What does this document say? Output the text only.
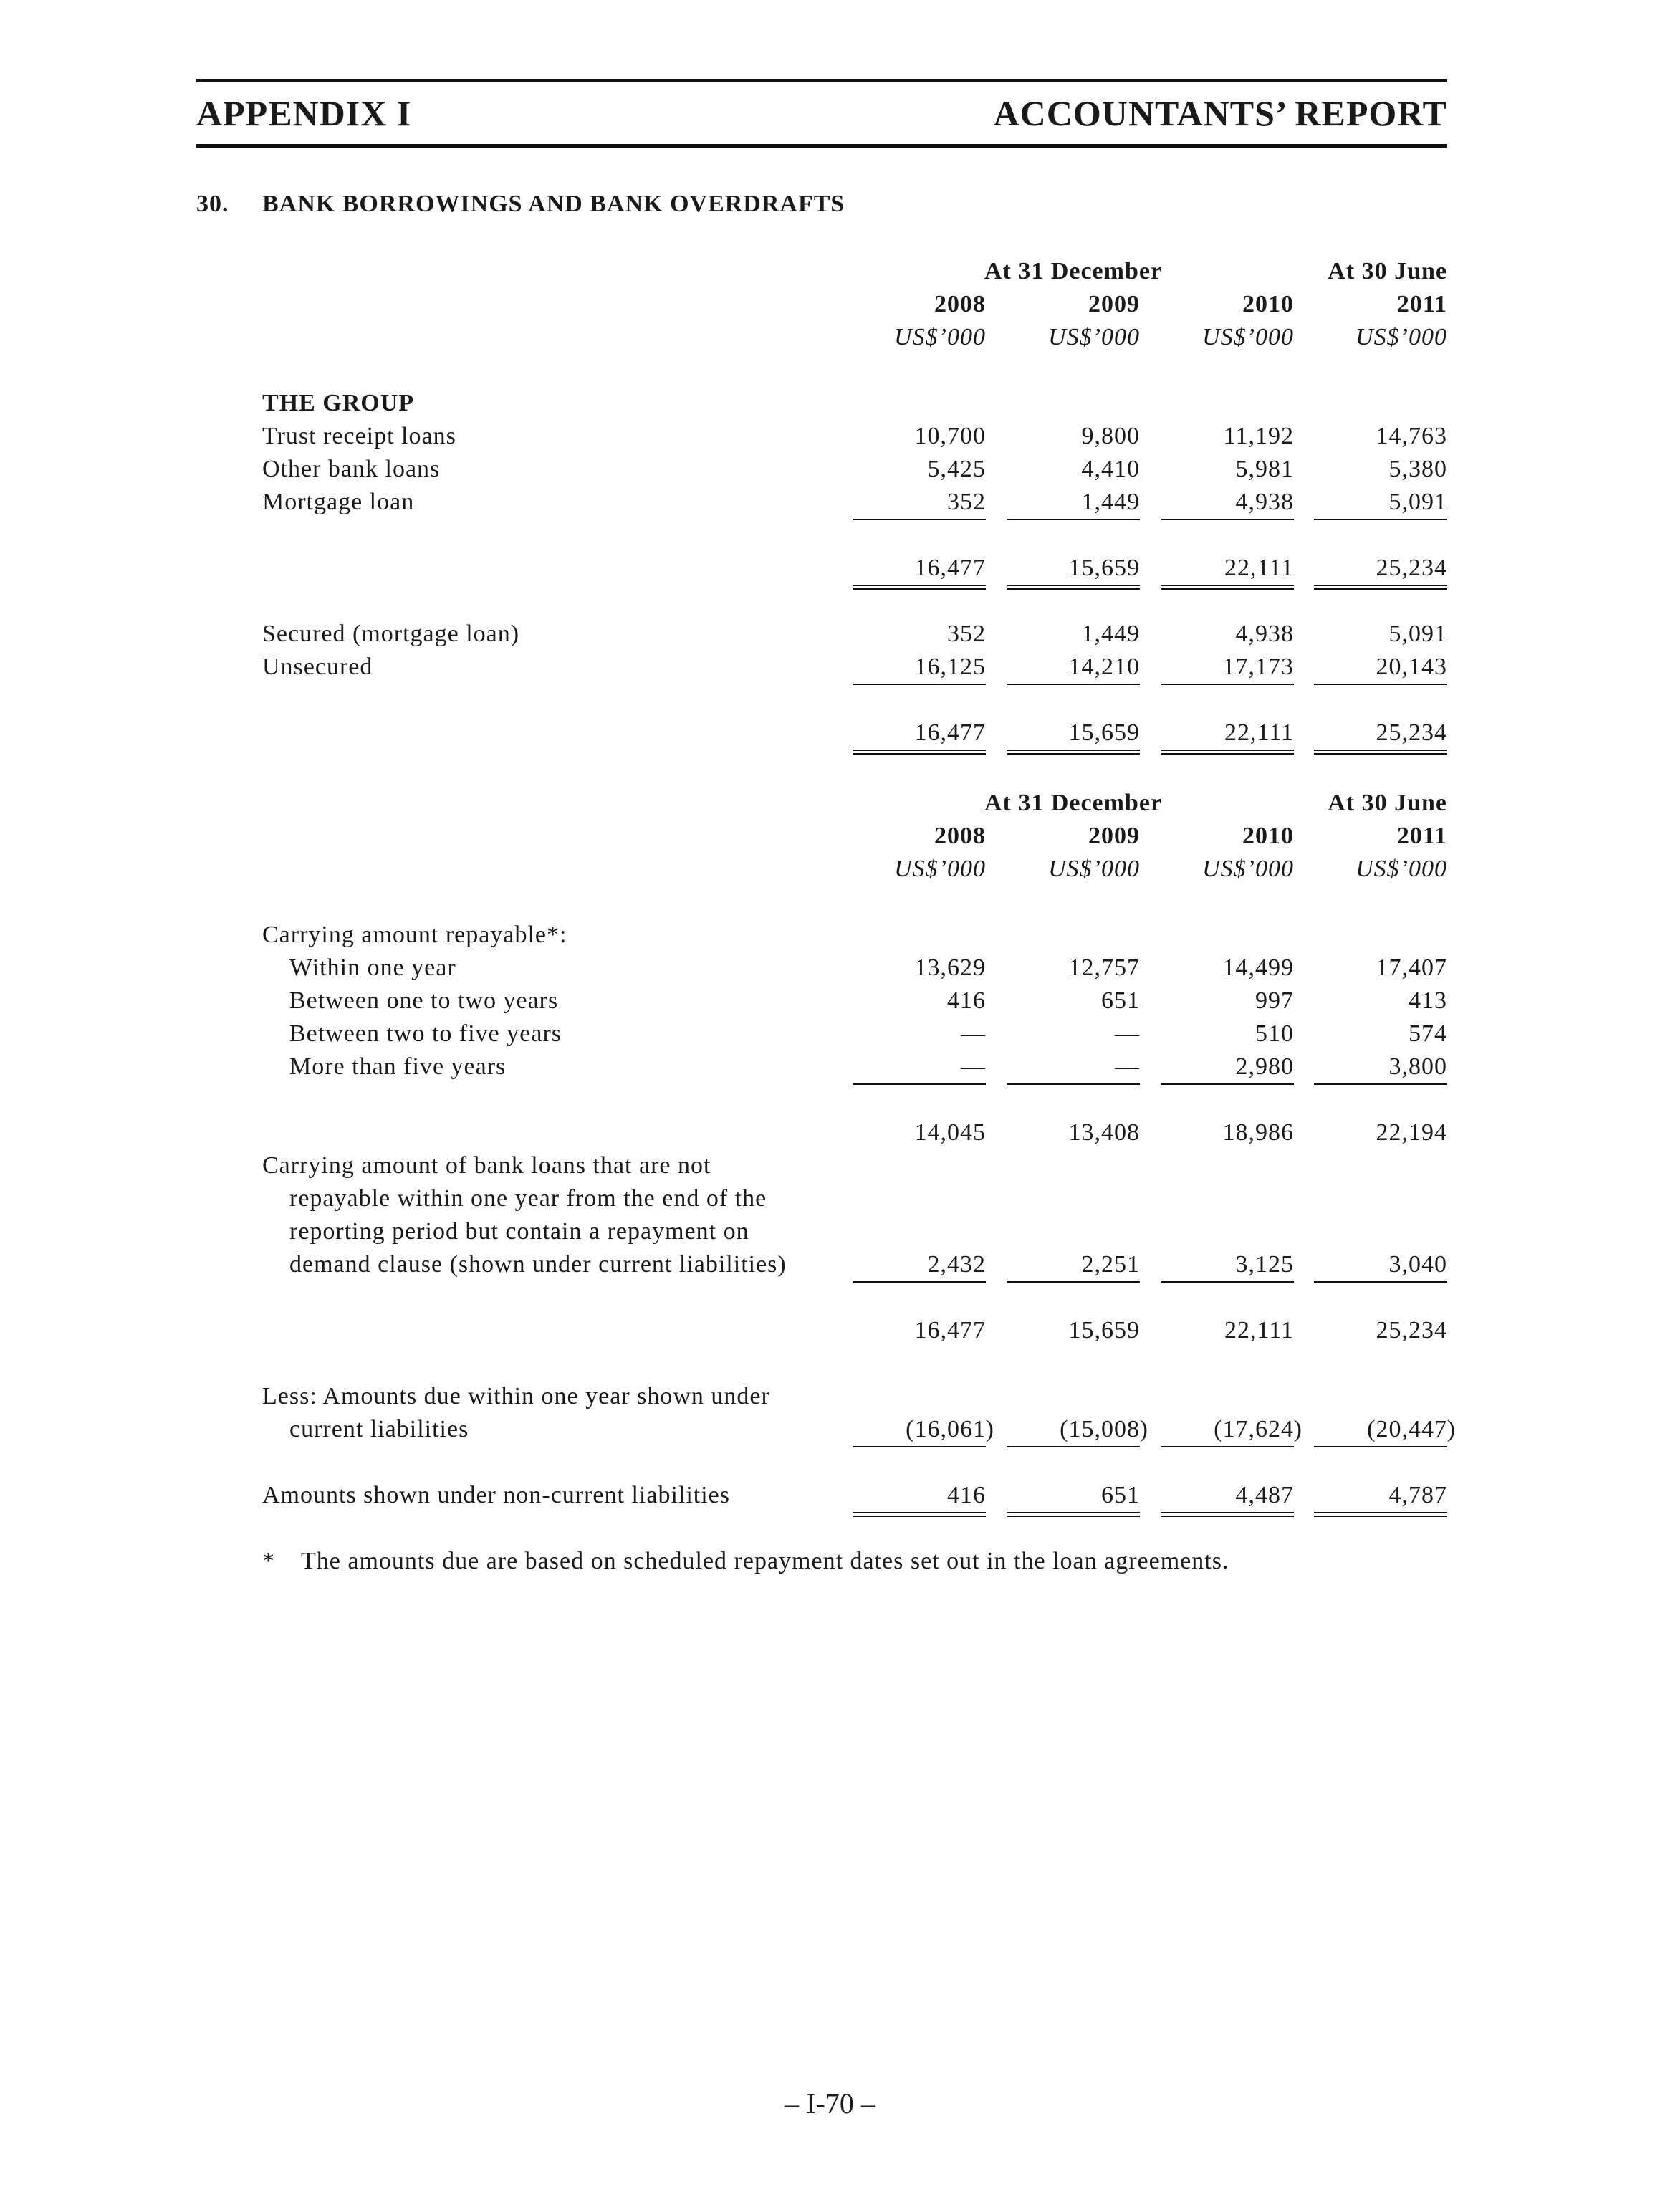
APPENDIX I	ACCOUNTANTS’ REPORT
30. BANK BORROWINGS AND BANK OVERDRAFTS
At 31 December	At 30 June
2008	2009	2010	2011
US$’000	US$’000	US$’000	US$’000
THE GROUP
Trust receipt loans	10,700	9,800	11,192	14,763
Other bank loans	5,425	4,410	5,981	5,380
Mortgage loan	352	1,449	4,938	5,091
16,477	15,659	22,111	25,234
Secured (mortgage loan)	352	1,449	4,938	5,091
Unsecured	16,125	14,210	17,173	20,143
16,477	15,659	22,111	25,234
At 31 December	At 30 June
2008	2009	2010	2011
US$’000	US$’000	US$’000	US$’000
Carrying amount repayable*:
Within one year	13,629	12,757	14,499	17,407
Between one to two years	416	651	997	413
Between two to five years	—	—	510	574
More than five years	—	—	2,980	3,800
14,045	13,408	18,986	22,194
Carrying amount of bank loans that are not
repayable within one year from the end of the
reporting period but contain a repayment on
demand clause (shown under current liabilities)	2,432	2,251	3,125	3,040
16,477	15,659	22,111	25,234
Less: Amounts due within one year shown under
current liabilities	(16,061 )	(15,008 )	(17,624 )	(20,447 )
Amounts shown under non-current liabilities	416	651	4,487	4,787
* The amounts due are based on scheduled repayment dates set out in the loan agreements.
– I-70 –
